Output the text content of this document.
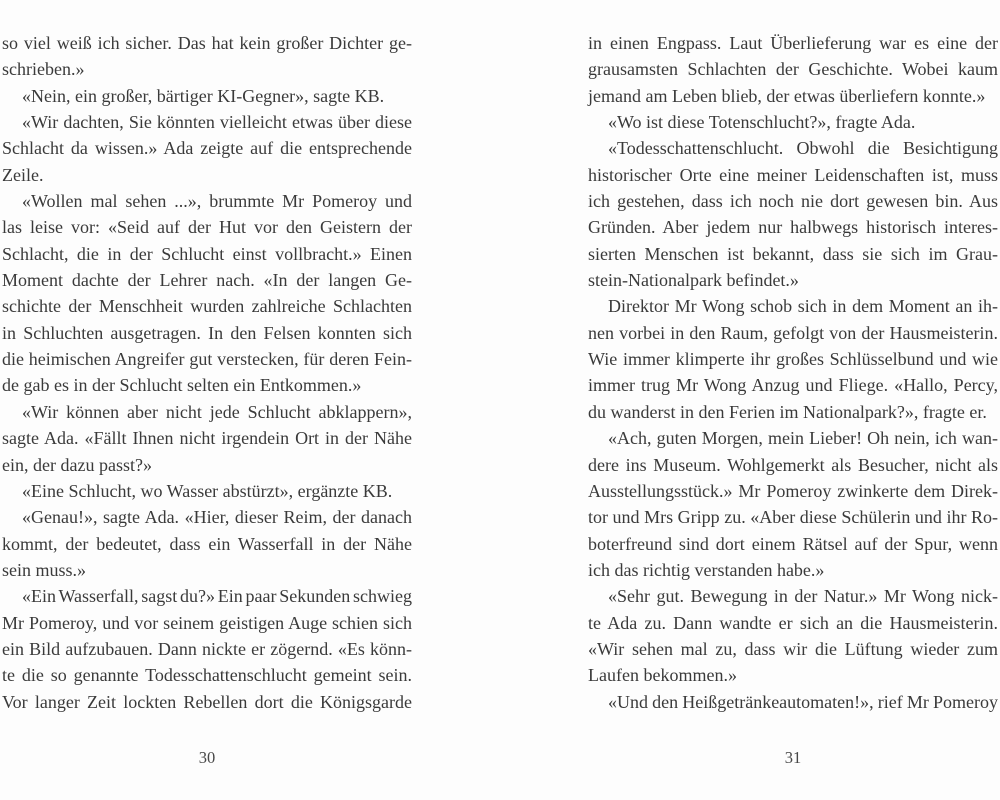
so viel weiß ich sicher. Das hat kein großer Dichter ge-
schrieben.»
«Nein, ein großer, bärtiger KI-Gegner», sagte KB.
«Wir dachten, Sie könnten vielleicht etwas über diese
Schlacht da wissen.» Ada zeigte auf die entsprechende
Zeile.
«Wollen mal sehen ...», brummte Mr Pomeroy und
las leise vor: «Seid auf der Hut vor den Geistern der
Schlacht, die in der Schlucht einst vollbracht.» Einen
Moment dachte der Lehrer nach. «In der langen Ge-
schichte der Menschheit wurden zahlreiche Schlachten
in Schluchten ausgetragen. In den Felsen konnten sich
die heimischen Angreifer gut verstecken, für deren Fein-
de gab es in der Schlucht selten ein Entkommen.»
«Wir können aber nicht jede Schlucht abklappern»,
sagte Ada. «Fällt Ihnen nicht irgendein Ort in der Nähe
ein, der dazu passt?»
«Eine Schlucht, wo Wasser abstürzt», ergänzte KB.
«Genau!», sagte Ada. «Hier, dieser Reim, der danach
kommt, der bedeutet, dass ein Wasserfall in der Nähe
sein muss.»
«Ein Wasserfall, sagst du?» Ein paar Sekunden schwieg
Mr Pomeroy, und vor seinem geistigen Auge schien sich
ein Bild aufzubauen. Dann nickte er zögernd. «Es könn-
te die so genannte Todesschattenschlucht gemeint sein.
Vor langer Zeit lockten Rebellen dort die Königsgarde
30
in einen Engpass. Laut Überlieferung war es eine der
grausamsten Schlachten der Geschichte. Wobei kaum
jemand am Leben blieb, der etwas überliefern konnte.»
«Wo ist diese Totenschlucht?», fragte Ada.
«Todesschattenschlucht. Obwohl die Besichtigung
historischer Orte eine meiner Leidenschaften ist, muss
ich gestehen, dass ich noch nie dort gewesen bin. Aus
Gründen. Aber jedem nur halbwegs historisch interes-
sierten Menschen ist bekannt, dass sie sich im Grau-
stein-Nationalpark befindet.»
Direktor Mr Wong schob sich in dem Moment an ih-
nen vorbei in den Raum, gefolgt von der Hausmeisterin.
Wie immer klimperte ihr großes Schlüsselbund und wie
immer trug Mr Wong Anzug und Fliege. «Hallo, Percy,
du wanderst in den Ferien im Nationalpark?», fragte er.
«Ach, guten Morgen, mein Lieber! Oh nein, ich wan-
dere ins Museum. Wohlgemerkt als Besucher, nicht als
Ausstellungsstück.» Mr Pomeroy zwinkerte dem Direk-
tor und Mrs Gripp zu. «Aber diese Schülerin und ihr Ro-
boterfreund sind dort einem Rätsel auf der Spur, wenn
ich das richtig verstanden habe.»
«Sehr gut. Bewegung in der Natur.» Mr Wong nick-
te Ada zu. Dann wandte er sich an die Hausmeisterin.
«Wir sehen mal zu, dass wir die Lüftung wieder zum
Laufen bekommen.»
«Und den Heißgetränkeautomaten!», rief Mr Pomeroy
31
